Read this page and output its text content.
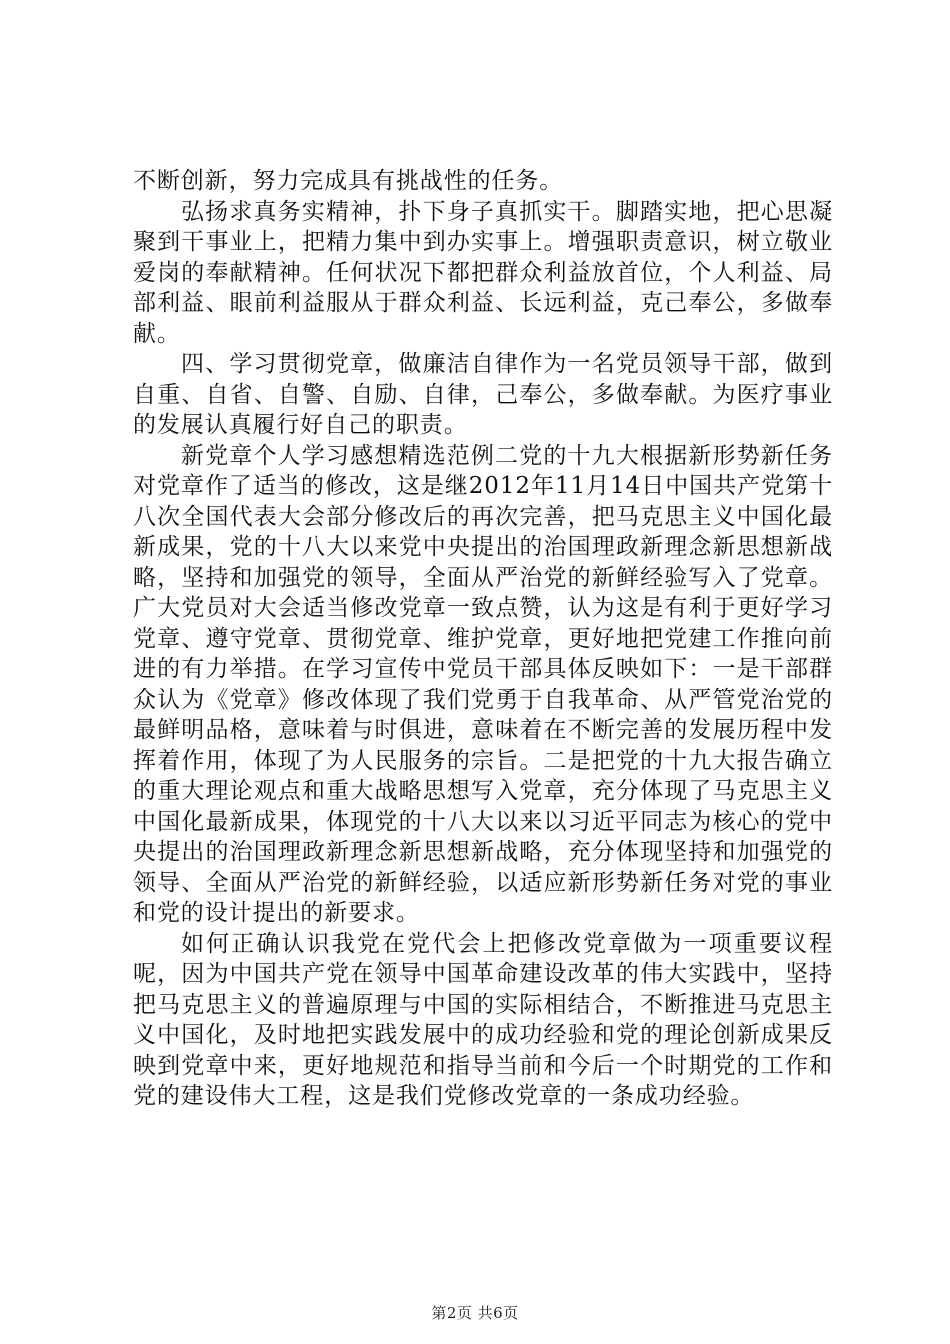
不断创新，努力完成具有挑战性的任务。

弘扬求真务实精神，扑下身子真抓实干。脚踏实地，把心思凝聚到干事业上，把精力集中到办实事上。增强职责意识，树立敬业爱岗的奉献精神。任何状况下都把群众利益放首位，个人利益、局部利益、眼前利益服从于群众利益、长远利益，克己奉公，多做奉献。

四、学习贯彻党章，做廉洁自律作为一名党员领导干部，做到自重、自省、自警、自励、自律，己奉公，多做奉献。为医疗事业的发展认真履行好自己的职责。

新党章个人学习感想精选范例二党的十九大根据新形势新任务对党章作了适当的修改，这是继2012年11月14日中国共产党第十八次全国代表大会部分修改后的再次完善，把马克思主义中国化最新成果，党的十八大以来党中央提出的治国理政新理念新思想新战略，坚持和加强党的领导，全面从严治党的新鲜经验写入了党章。广大党员对大会适当修改党章一致点赞，认为这是有利于更好学习党章、遵守党章、贯彻党章、维护党章，更好地把党建工作推向前进的有力举措。在学习宣传中党员干部具体反映如下：一是干部群众认为《党章》修改体现了我们党勇于自我革命、从严管党治党的最鲜明品格，意味着与时俱进，意味着在不断完善的发展历程中发挥着作用，体现了为人民服务的宗旨。二是把党的十九大报告确立的重大理论观点和重大战略思想写入党章，充分体现了马克思主义中国化最新成果，体现党的十八大以来以习近平同志为核心的党中央提出的治国理政新理念新思想新战略，充分体现坚持和加强党的领导、全面从严治党的新鲜经验，以适应新形势新任务对党的事业和党的设计提出的新要求。

如何正确认识我党在党代会上把修改党章做为一项重要议程呢，因为中国共产党在领导中国革命建设改革的伟大实践中，坚持把马克思主义的普遍原理与中国的实际相结合，不断推进马克思主义中国化，及时地把实践发展中的成功经验和党的理论创新成果反映到党章中来，更好地规范和指导当前和今后一个时期党的工作和党的建设伟大工程，这是我们党修改党章的一条成功经验。

第2页 共6页
